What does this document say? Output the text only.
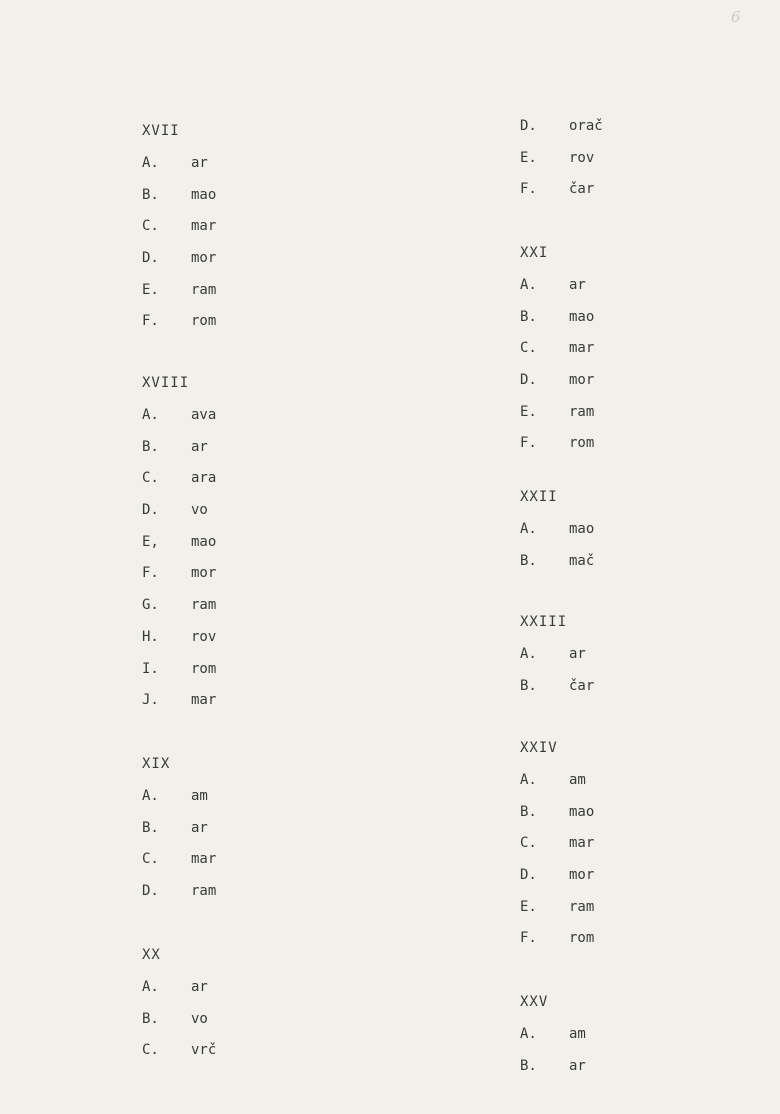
6
XVII
A. ar
B. mao
C. mar
D. mor
E. ram
F. rom
XVIII
A. ava
B. ar
C. ara
D. vo
E, mao
F. mor
G. ram
H. rov
I. rom
J. mar
XIX
A. am
B. ar
C. mar
D. ram
XX
A. ar
B. vo
C. vrč
D. orač
E. rov
F. čar
XXI
A. ar
B. mao
C. mar
D. mor
E. ram
F. rom
XXII
A. mao
B. mač
XXIII
A. ar
B. čar
XXIV
A. am
B. mao
C. mar
D. mor
E. ram
F. rom
XXV
A. am
B. ar
